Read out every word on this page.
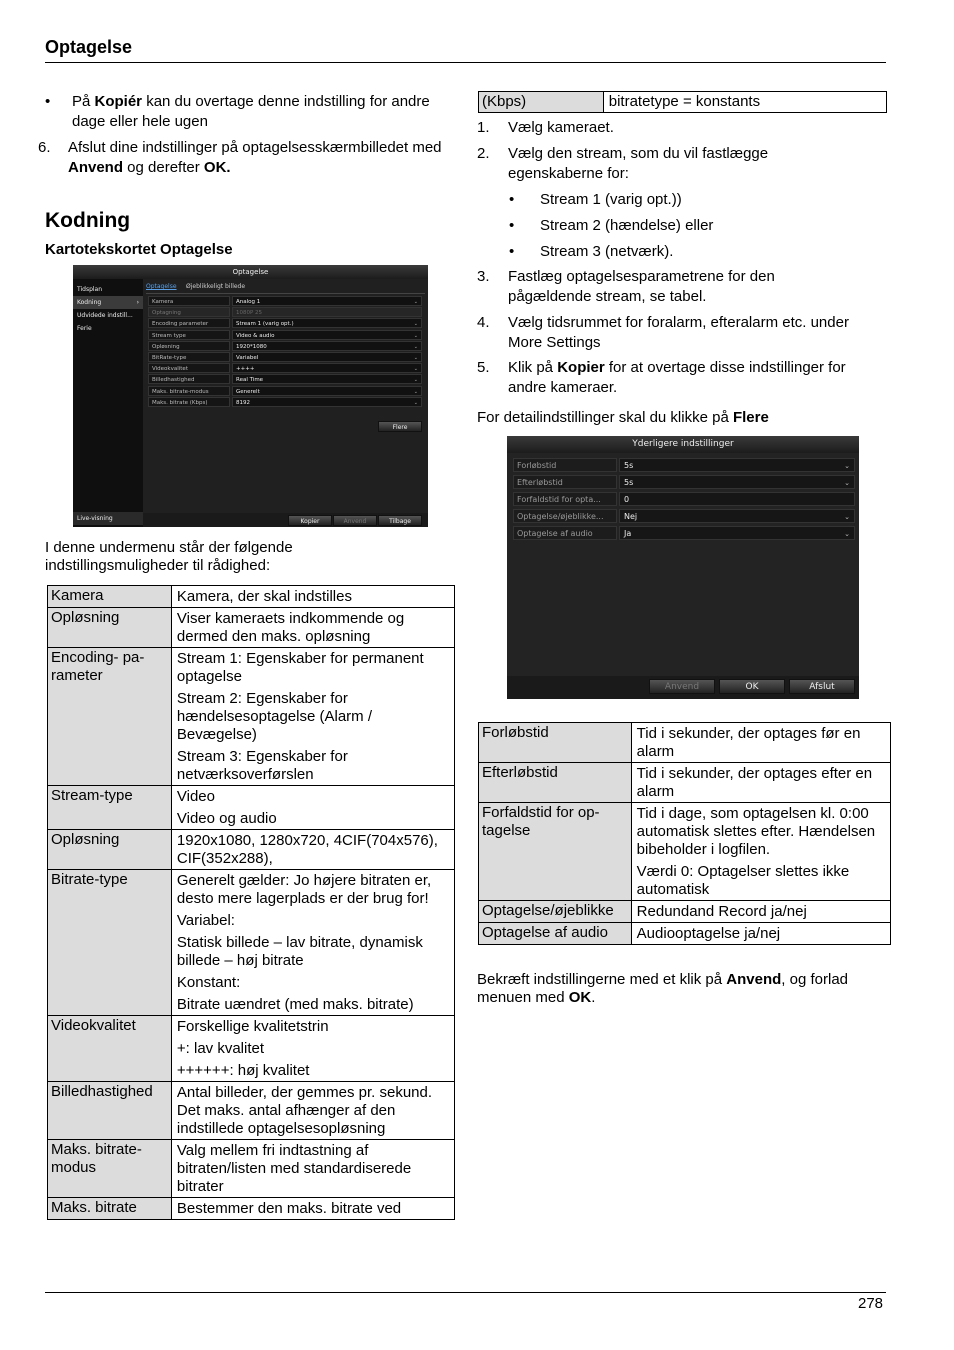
Optagelse
• På Kopiér kan du overtage denne indstilling for andre dage eller hele ugen
6. Afslut dine indstillinger på optagelsesskærmbilledet med Anvend og derefter OK.
Kodning
Kartotekskortet Optagelse
Optagelse
Tidsplan
Kodning	›
Udvidede indstill...
Ferie
Live-visning
Optagelse Øjeblikkeligt billede
Kamera	Analog 1	⌄
Optagning	1080P 25
Encoding parameter	Stream 1 (varig opt.)	⌄
Stream type	Video & audio	⌄
Opløsning	1920*1080	⌄
BitRate-type	Variabel	⌄
Videokvalitet	++++	⌄
Billedhastighed	Real Time	⌄
Maks. bitrate-modus	Generelt	⌄
Maks. bitrate (Kbps)	8192	⌄
Flere
Kopier	Anvend	Tilbage
I denne undermenu står der følgende indstillingsmuligheder til rådighed:
Kamera	Kamera, der skal indstilles

Opløsning	Viser kameraets indkommende og dermed den maks. opløsning

Encoding- pa-rameter	Stream 1: Egenskaber for permanent optagelse

Stream 2: Egenskaber for hændelsesoptagelse (Alarm / Bevægelse)

Stream 3: Egenskaber for netværksoverførslen

Stream-type	Video

Video og audio

Opløsning	1920x1080, 1280x720, 4CIF(704x576), CIF(352x288),

Bitrate-type	Generelt gælder: Jo højere bitraten er, desto mere lagerplads er der brug for!

Variabel:

Statisk billede – lav bitrate, dynamisk billede – høj bitrate

Konstant:

Bitrate uændret (med maks. bitrate)

Videokvalitet	Forskellige kvalitetstrin

+: lav kvalitet

++++++: høj kvalitet

Billedhastighed	Antal billeder, der gemmes pr. sekund. Det maks. antal afhænger af den indstillede optagelsesopløsning

Maks. bitrate-modus	Valg mellem fri indtastning af bitraten/listen med standardiserede bitrater

Maks. bitrate	Bestemmer den maks. bitrate ved

(Kbps)	bitratetype = konstants
1. Vælg kameraet.
2. Vælg den stream, som du vil fastlægge egenskaberne for:
• Stream 1 (varig opt.))
• Stream 2 (hændelse) eller
• Stream 3 (netværk).
3. Fastlæg optagelsesparametrene for den pågældende stream, se tabel.
4. Vælg tidsrummet for foralarm, efteralarm etc. under More Settings
5. Klik på Kopier for at overtage disse indstillinger for andre kameraer.
For detailindstillinger skal du klikke på Flere
Yderligere indstillinger
Forløbstid	5s	⌄
Efterløbstid	5s	⌄
Forfaldstid for opta...	0
Optagelse/øjeblikke...	Nej	⌄
Optagelse af audio	Ja	⌄
Anvend	OK	Afslut
Forløbstid	Tid i sekunder, der optages før en alarm

Efterløbstid	Tid i sekunder, der optages efter en alarm

Forfaldstid for op-tagelse	Tid i dage, som optagelsen kl. 0:00 automatisk slettes efter. Hændelsen bibeholder i logfilen.

Værdi 0: Optagelser slettes ikke automatisk

Optagelse/øjeblikke	Redundand Record ja/nej

Optagelse af audio	Audiooptagelse ja/nej

Bekræft indstillingerne med et klik på Anvend, og forlad menuen med OK.
278
